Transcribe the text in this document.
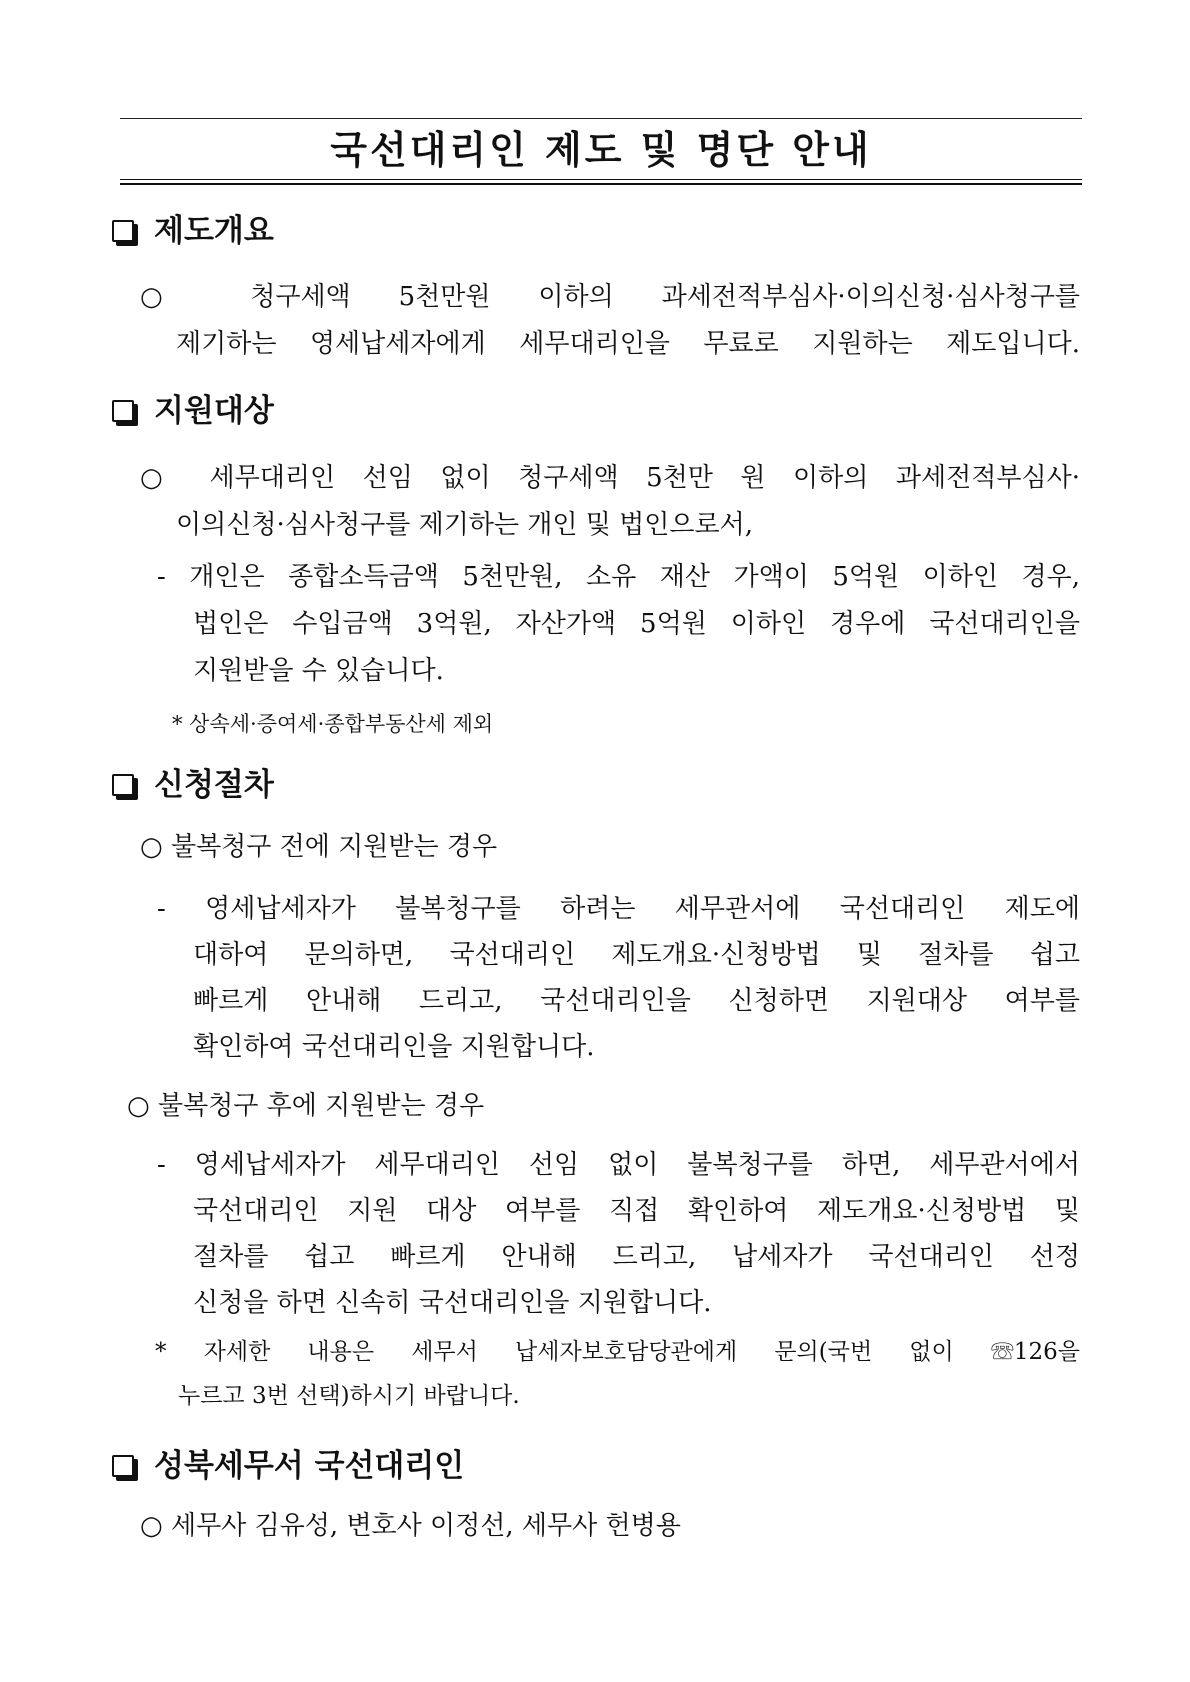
국선대리인 제도 및 명단 안내
제도개요
○ 청구세액 5천만원 이하의 과세전적부심사·이의신청·심사청구를
제기하는 영세납세자에게 세무대리인을 무료로 지원하는 제도입니다.
지원대상
○ 세무대리인 선임 없이 청구세액 5천만 원 이하의 과세전적부심사·
이의신청·심사청구를 제기하는 개인 및 법인으로서,
- 개인은 종합소득금액 5천만원, 소유 재산 가액이 5억원 이하인 경우,
법인은 수입금액 3억원, 자산가액 5억원 이하인 경우에 국선대리인을
지원받을 수 있습니다.
* 상속세·증여세·종합부동산세 제외
신청절차
○ 불복청구 전에 지원받는 경우
- 영세납세자가 불복청구를 하려는 세무관서에 국선대리인 제도에
대하여 문의하면, 국선대리인 제도개요·신청방법 및 절차를 쉽고
빠르게 안내해 드리고, 국선대리인을 신청하면 지원대상 여부를
확인하여 국선대리인을 지원합니다.
○ 불복청구 후에 지원받는 경우
- 영세납세자가 세무대리인 선임 없이 불복청구를 하면, 세무관서에서
국선대리인 지원 대상 여부를 직접 확인하여 제도개요·신청방법 및
절차를 쉽고 빠르게 안내해 드리고, 납세자가 국선대리인 선정
신청을 하면 신속히 국선대리인을 지원합니다.
* 자세한 내용은 세무서 납세자보호담당관에게 문의(국번 없이 ☏126을
누르고 3번 선택)하시기 바랍니다.
성북세무서 국선대리인
○ 세무사 김유성, 변호사 이정선, 세무사 헌병용
